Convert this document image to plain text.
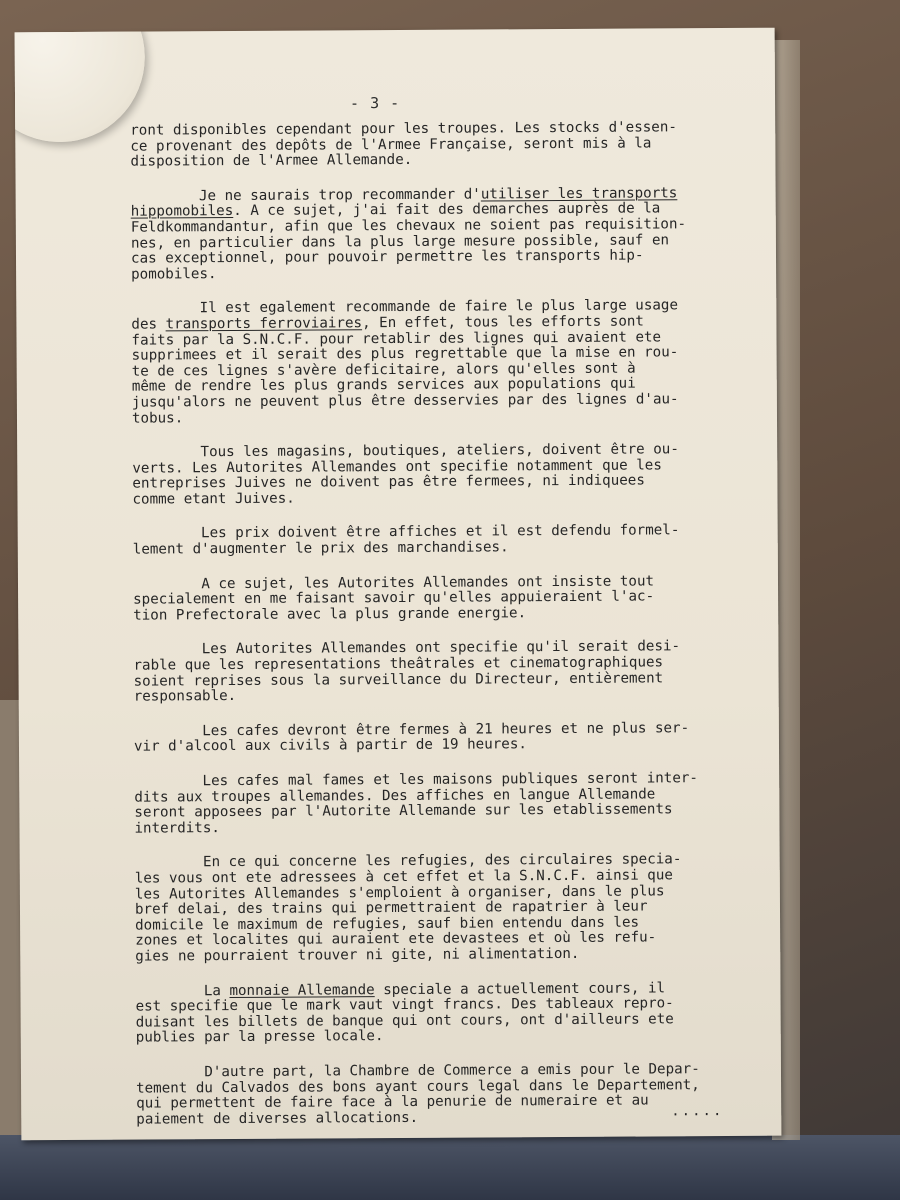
- 3 -
ront disponibles cependant pour les troupes. Les stocks d'essen-
ce provenant des depôts de l'Armee Française, seront mis à la
disposition de l'Armee Allemande.
Je ne saurais trop recommander d'utiliser les transports
hippomobiles. A ce sujet, j'ai fait des demarches auprès de la
Feldkommandantur, afin que les chevaux ne soient pas requisition-
nes, en particulier dans la plus large mesure possible, sauf en
cas exceptionnel, pour pouvoir permettre les transports hip-
pomobiles.
Il est egalement recommande de faire le plus large usage
des transports ferroviaires, En effet, tous les efforts sont
faits par la S.N.C.F. pour retablir des lignes qui avaient ete
supprimees et il serait des plus regrettable que la mise en rou-
te de ces lignes s'avère deficitaire, alors qu'elles sont à
même de rendre les plus grands services aux populations qui
jusqu'alors ne peuvent plus être desservies par des lignes d'au-
tobus.
Tous les magasins, boutiques, ateliers, doivent être ou-
verts. Les Autorites Allemandes ont specifie notamment que les
entreprises Juives ne doivent pas être fermees, ni indiquees
comme etant Juives.
Les prix doivent être affiches et il est defendu formel-
lement d'augmenter le prix des marchandises.
A ce sujet, les Autorites Allemandes ont insiste tout
specialement en me faisant savoir qu'elles appuieraient l'ac-
tion Prefectorale avec la plus grande energie.
Les Autorites Allemandes ont specifie qu'il serait desi-
rable que les representations theâtrales et cinematographiques
soient reprises sous la surveillance du Directeur, entièrement
responsable.
Les cafes devront être fermes à 21 heures et ne plus ser-
vir d'alcool aux civils à partir de 19 heures.
Les cafes mal fames et les maisons publiques seront inter-
dits aux troupes allemandes. Des affiches en langue Allemande
seront apposees par l'Autorite Allemande sur les etablissements
interdits.
En ce qui concerne les refugies, des circulaires specia-
les vous ont ete adressees à cet effet et la S.N.C.F. ainsi que
les Autorites Allemandes s'emploient à organiser, dans le plus
bref delai, des trains qui permettraient de rapatrier à leur
domicile le maximum de refugies, sauf bien entendu dans les
zones et localites qui auraient ete devastees et où les refu-
gies ne pourraient trouver ni gite, ni alimentation.
La monnaie Allemande speciale a actuellement cours, il
est specifie que le mark vaut vingt francs. Des tableaux repro-
duisant les billets de banque qui ont cours, ont d'ailleurs ete
publies par la presse locale.
D'autre part, la Chambre de Commerce a emis pour le Depar-
tement du Calvados des bons ayant cours legal dans le Departement,
qui permettent de faire face à la penurie de numeraire et au
paiement de diverses allocations.	.....
